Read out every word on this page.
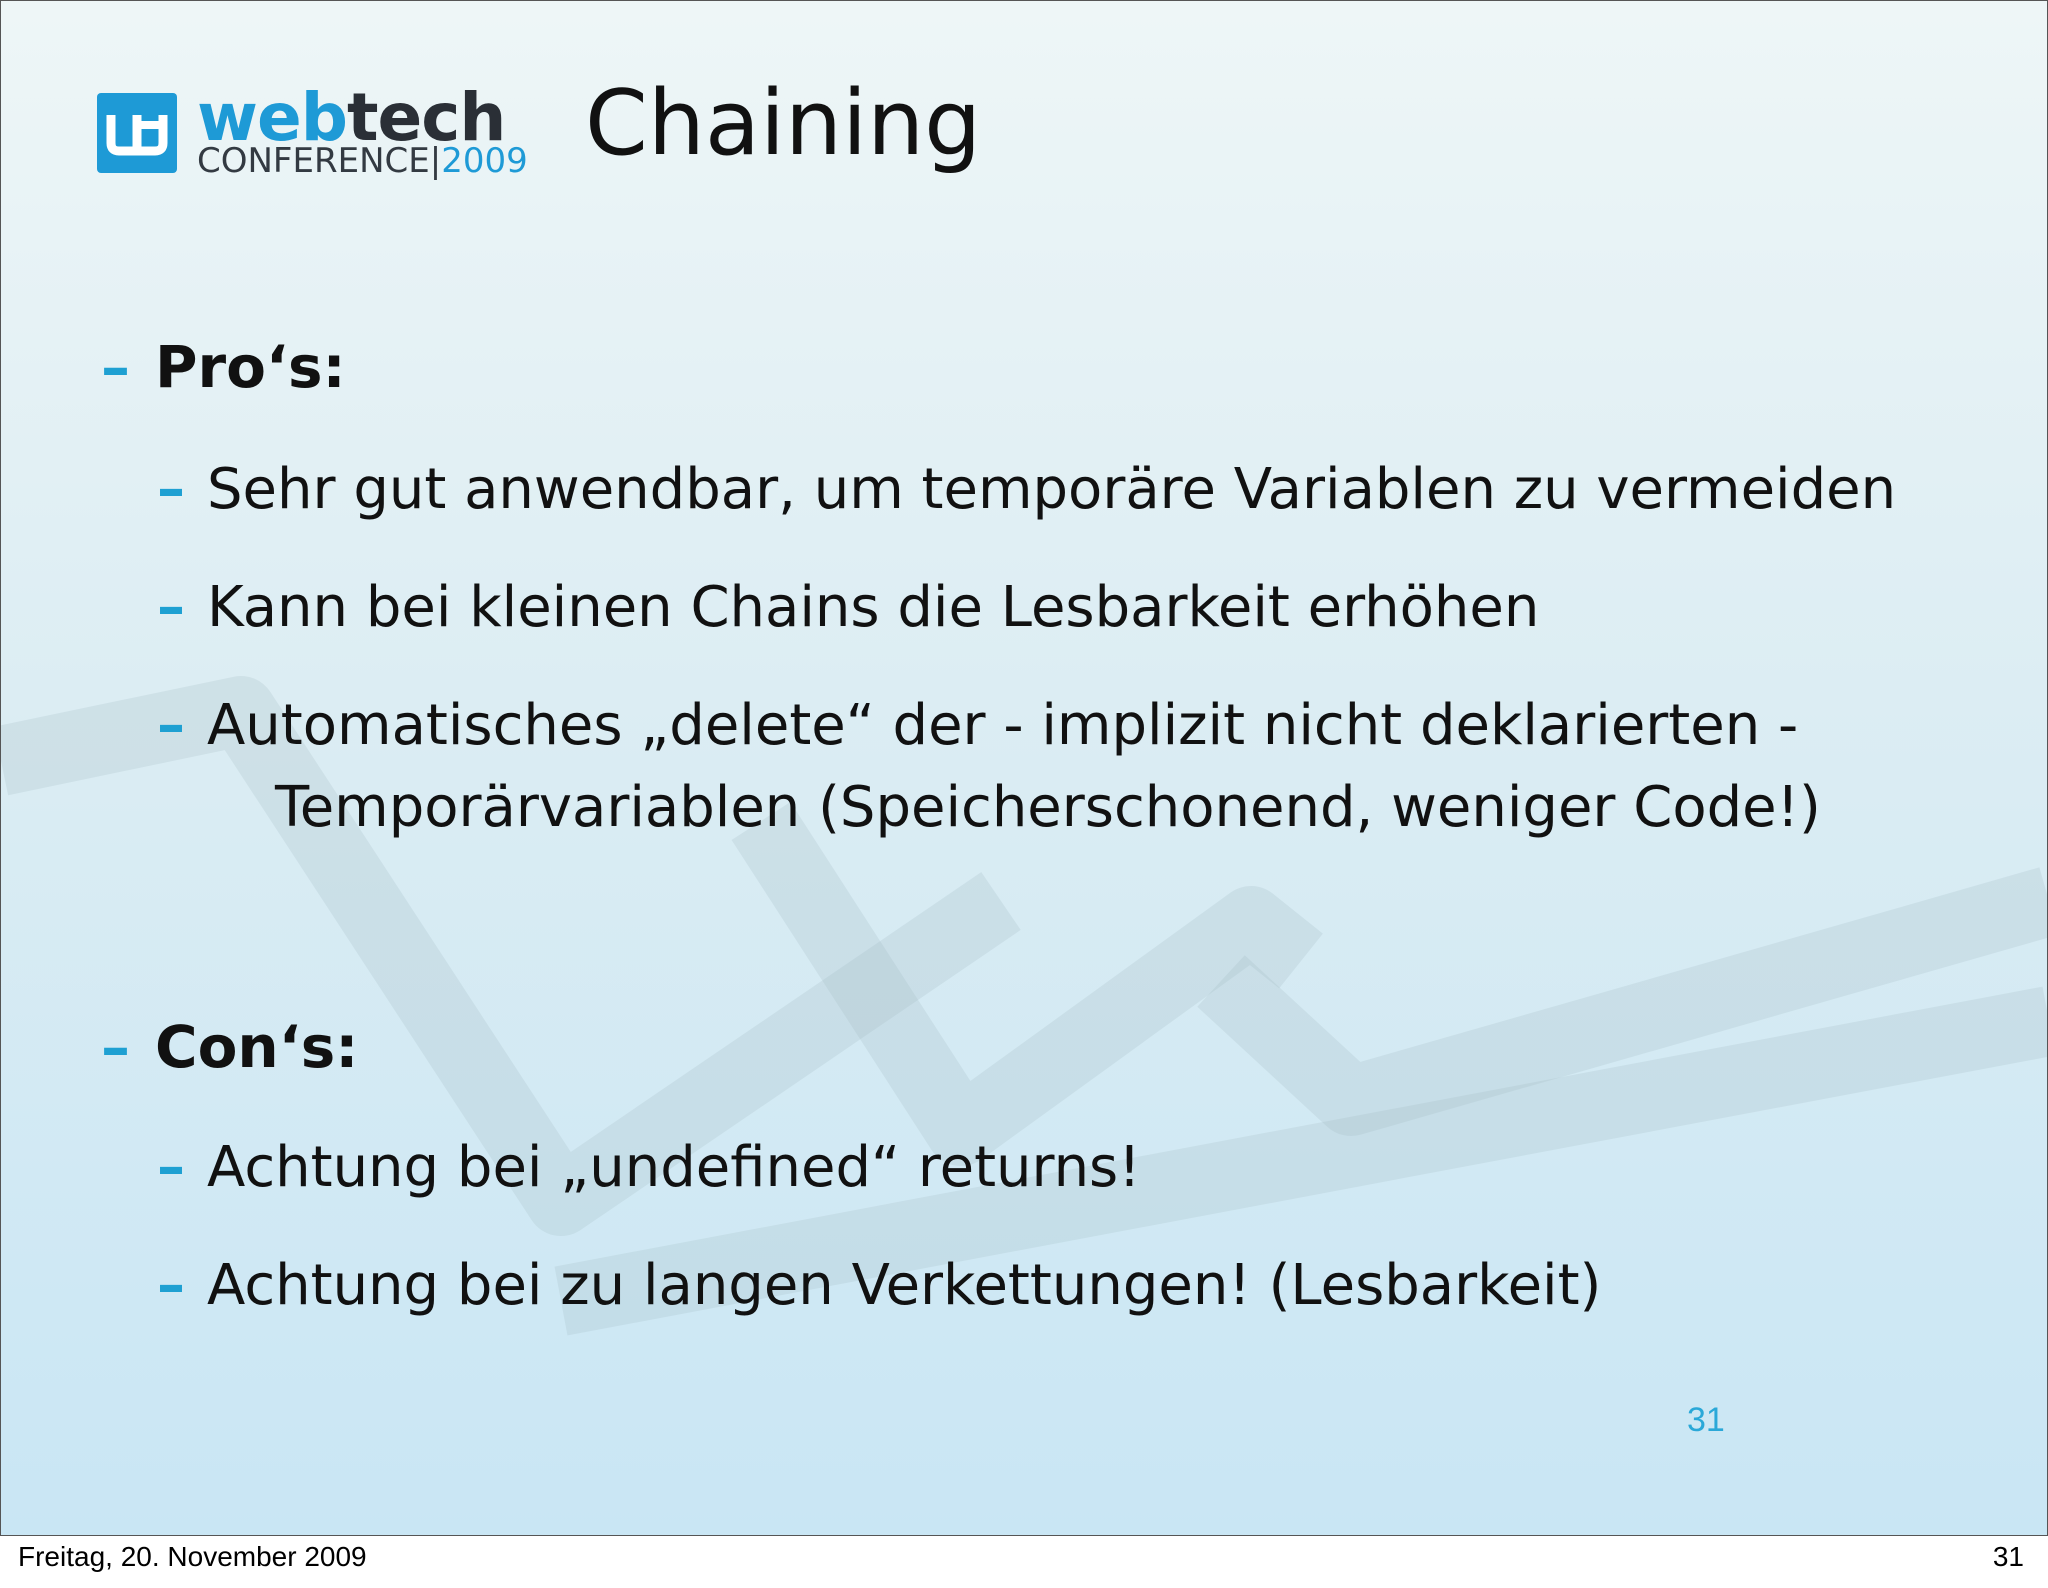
webtech
CONFERENCE|2009 Chaining
– Pro‘s:
– Sehr gut anwendbar, um temporäre Variablen zu vermeiden
– Kann bei kleinen Chains die Lesbarkeit erhöhen
– Automatisches „delete“ der - implizit nicht deklarierten -
Temporärvariablen (Speicherschonend, weniger Code!)
– Con‘s:
– Achtung bei „undefined“ returns!
– Achtung bei zu langen Verkettungen! (Lesbarkeit)
31
Freitag, 20. November 2009	31
